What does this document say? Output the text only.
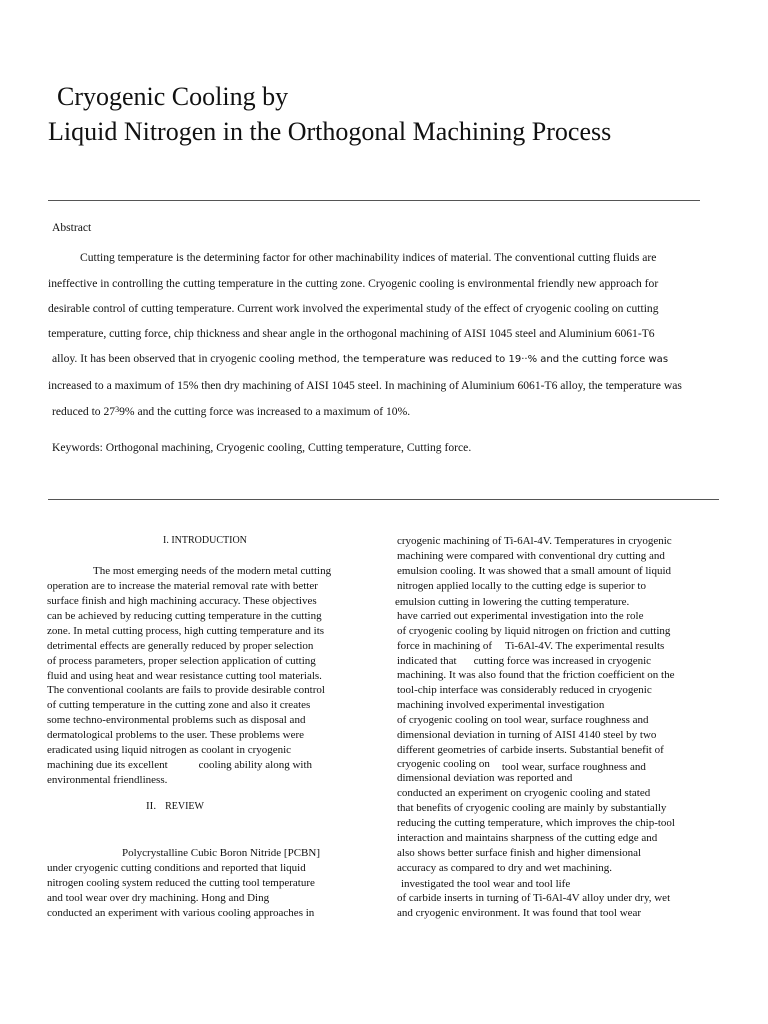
Cryogenic Cooling by
Liquid Nitrogen in the Orthogonal Machining Process
Abstract
Cutting temperature is the determining factor for other machinability indices of material. The conventional cutting fluids are
ineffective in controlling the cutting temperature in the cutting zone. Cryogenic cooling is environmental friendly new approach for
desirable control of cutting temperature. Current work involved the experimental study of the effect of cryogenic cooling on cutting
temperature, cutting force, chip thickness and shear angle in the orthogonal machining of AISI 1045 steel and Aluminium 6061-T6
alloy. It has been observed that in cryogenic cooling method, the temperature was reduced to 19··% and the cutting force was
increased to a maximum of 15% then dry machining of AISI 1045 steel. In machining of Aluminium 6061-T6 alloy, the temperature was
reduced to $27^39\%$ and the cutting force was increased to a maximum of 10%.
Keywords: Orthogonal machining, Cryogenic cooling, Cutting temperature, Cutting force.
I. INTRODUCTION
The most emerging needs of the modern metal cutting
operation are to increase the material removal rate with better
surface finish and high machining accuracy. These objectives
can be achieved by reducing cutting temperature in the cutting
zone. In metal cutting process, high cutting temperature and its
detrimental effects are generally reduced by proper selection
of process parameters, proper selection application of cutting
fluid and using heat and wear resistance cutting tool materials.
The conventional coolants are fails to provide desirable control
of cutting temperature in the cutting zone and also it creates
some techno-environmental problems such as disposal and
dermatological problems to the user. These problems were
eradicated using liquid nitrogen as coolant in cryogenic
machining due its excellent	cooling ability along with
environmental friendliness.
II. REVIEW
Polycrystalline Cubic Boron Nitride [PCBN]
under cryogenic cutting conditions and reported that liquid
nitrogen cooling system reduced the cutting tool temperature
and tool wear over dry machining. Hong and Ding
conducted an experiment with various cooling approaches in
cryogenic machining of Ti-6Al-4V. Temperatures in cryogenic
machining were compared with conventional dry cutting and
emulsion cooling. It was showed that a small amount of liquid
nitrogen applied locally to the cutting edge is superior to
emulsion cutting in lowering the cutting temperature.
have carried out experimental investigation into the role
of cryogenic cooling by liquid nitrogen on friction and cutting
force in machining of Ti-6Al-4V. The experimental results
indicated that cutting force was increased in cryogenic
machining. It was also found that the friction coefficient on the
tool-chip interface was considerably reduced in cryogenic
machining involved experimental investigation
of cryogenic cooling on tool wear, surface roughness and
dimensional deviation in turning of AISI 4140 steel by two
different geometries of carbide inserts. Substantial benefit of
cryogenic cooling on tool wear, surface roughness and
dimensional deviation was reported and
conducted an experiment on cryogenic cooling and stated
that benefits of cryogenic cooling are mainly by substantially
reducing the cutting temperature, which improves the chip-tool
interaction and maintains sharpness of the cutting edge and
also shows better surface finish and higher dimensional
accuracy as compared to dry and wet machining.
investigated the tool wear and tool life
of carbide inserts in turning of Ti-6Al-4V alloy under dry, wet
and cryogenic environment. It was found that tool wear
